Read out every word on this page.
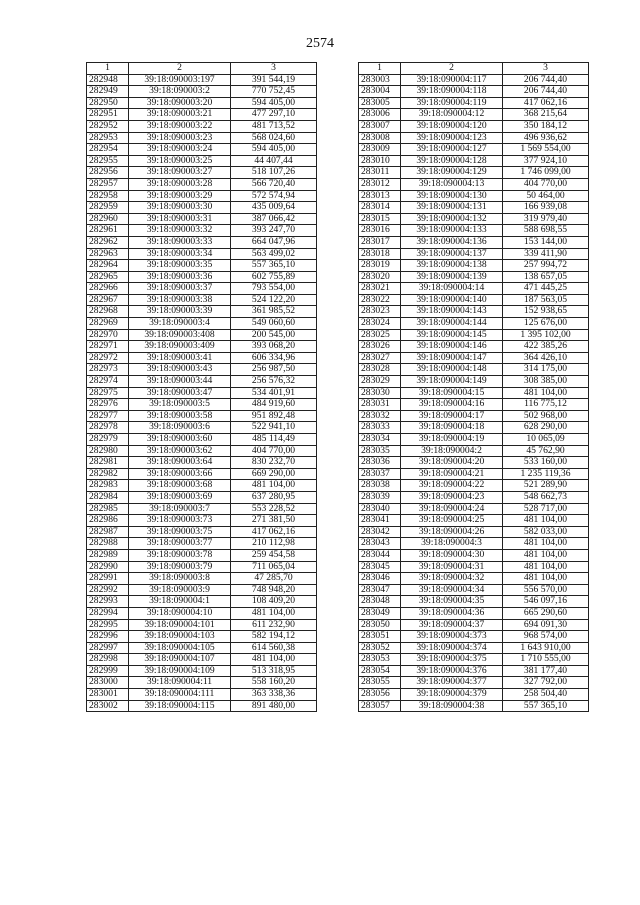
2574
1	2	3
282948	39:18:090003:197	391 544,19
282949	39:18:090003:2	770 752,45
282950	39:18:090003:20	594 405,00
282951	39:18:090003:21	477 297,10
282952	39:18:090003:22	481 713,52
282953	39:18:090003:23	568 024,60
282954	39:18:090003:24	594 405,00
282955	39:18:090003:25	44 407,44
282956	39:18:090003:27	518 107,26
282957	39:18:090003:28	566 720,40
282958	39:18:090003:29	572 574,94
282959	39:18:090003:30	435 009,64
282960	39:18:090003:31	387 066,42
282961	39:18:090003:32	393 247,70
282962	39:18:090003:33	664 047,96
282963	39:18:090003:34	563 499,02
282964	39:18:090003:35	557 365,10
282965	39:18:090003:36	602 755,89
282966	39:18:090003:37	793 554,00
282967	39:18:090003:38	524 122,20
282968	39:18:090003:39	361 985,52
282969	39:18:090003:4	549 060,60
282970	39:18:090003:408	200 545,00
282971	39:18:090003:409	393 068,20
282972	39:18:090003:41	606 334,96
282973	39:18:090003:43	256 987,50
282974	39:18:090003:44	256 576,32
282975	39:18:090003:47	534 401,91
282976	39:18:090003:5	484 919,60
282977	39:18:090003:58	951 892,48
282978	39:18:090003:6	522 941,10
282979	39:18:090003:60	485 114,49
282980	39:18:090003:62	404 770,00
282981	39:18:090003:64	830 232,70
282982	39:18:090003:66	669 290,00
282983	39:18:090003:68	481 104,00
282984	39:18:090003:69	637 280,95
282985	39:18:090003:7	553 228,52
282986	39:18:090003:73	271 381,50
282987	39:18:090003:75	417 062,16
282988	39:18:090003:77	210 112,98
282989	39:18:090003:78	259 454,58
282990	39:18:090003:79	711 065,04
282991	39:18:090003:8	47 285,70
282992	39:18:090003:9	748 948,20
282993	39:18:090004:1	108 409,20
282994	39:18:090004:10	481 104,00
282995	39:18:090004:101	611 232,90
282996	39:18:090004:103	582 194,12
282997	39:18:090004:105	614 560,38
282998	39:18:090004:107	481 104,00
282999	39:18:090004:109	513 318,95
283000	39:18:090004:11	558 160,20
283001	39:18:090004:111	363 338,36
283002	39:18:090004:115	891 480,00
1	2	3
283003	39:18:090004:117	206 744,40
283004	39:18:090004:118	206 744,40
283005	39:18:090004:119	417 062,16
283006	39:18:090004:12	368 215,64
283007	39:18:090004:120	350 184,12
283008	39:18:090004:123	496 936,62
283009	39:18:090004:127	1 569 554,00
283010	39:18:090004:128	377 924,10
283011	39:18:090004:129	1 746 099,00
283012	39:18:090004:13	404 770,00
283013	39:18:090004:130	50 464,00
283014	39:18:090004:131	166 939,08
283015	39:18:090004:132	319 979,40
283016	39:18:090004:133	588 698,55
283017	39:18:090004:136	153 144,00
283018	39:18:090004:137	339 411,90
283019	39:18:090004:138	257 994,72
283020	39:18:090004:139	138 657,05
283021	39:18:090004:14	471 445,25
283022	39:18:090004:140	187 563,05
283023	39:18:090004:143	152 938,65
283024	39:18:090004:144	125 676,00
283025	39:18:090004:145	1 395 102,00
283026	39:18:090004:146	422 385,26
283027	39:18:090004:147	364 426,10
283028	39:18:090004:148	314 175,00
283029	39:18:090004:149	308 385,00
283030	39:18:090004:15	481 104,00
283031	39:18:090004:16	116 775,12
283032	39:18:090004:17	502 968,00
283033	39:18:090004:18	628 290,00
283034	39:18:090004:19	10 065,09
283035	39:18:090004:2	45 762,90
283036	39:18:090004:20	533 160,00
283037	39:18:090004:21	1 235 119,36
283038	39:18:090004:22	521 289,90
283039	39:18:090004:23	548 662,73
283040	39:18:090004:24	528 717,00
283041	39:18:090004:25	481 104,00
283042	39:18:090004:26	582 033,00
283043	39:18:090004:3	481 104,00
283044	39:18:090004:30	481 104,00
283045	39:18:090004:31	481 104,00
283046	39:18:090004:32	481 104,00
283047	39:18:090004:34	556 570,00
283048	39:18:090004:35	546 097,16
283049	39:18:090004:36	665 290,60
283050	39:18:090004:37	694 091,30
283051	39:18:090004:373	968 574,00
283052	39:18:090004:374	1 643 910,00
283053	39:18:090004:375	1 710 555,00
283054	39:18:090004:376	381 177,40
283055	39:18:090004:377	327 792,00
283056	39:18:090004:379	258 504,40
283057	39:18:090004:38	557 365,10
